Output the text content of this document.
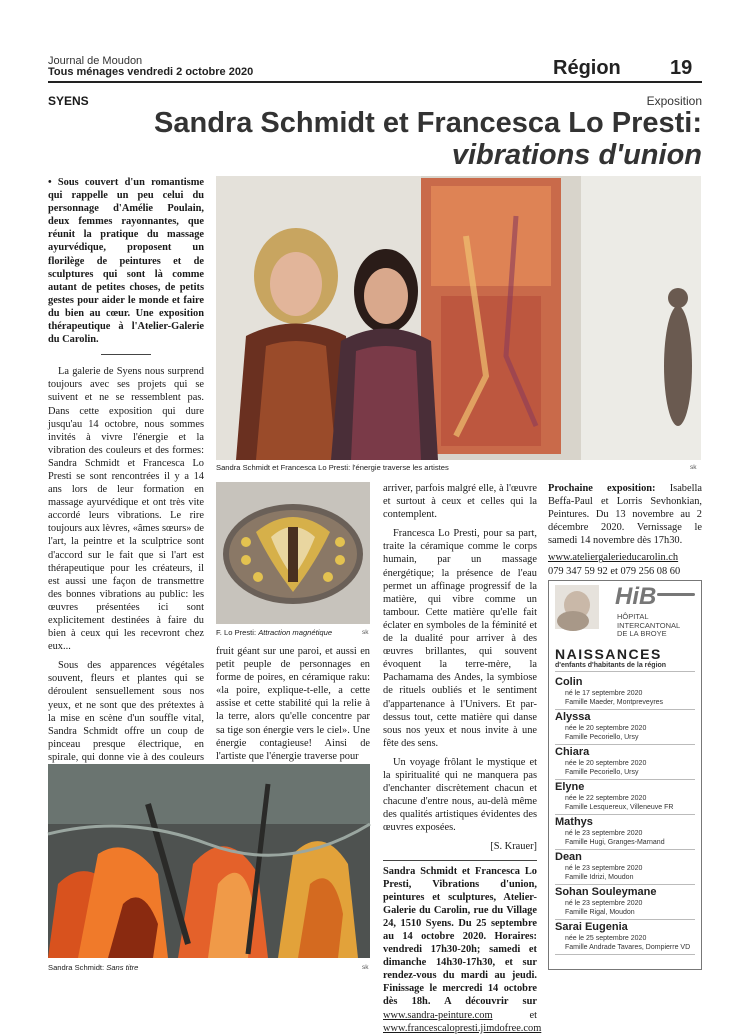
Journal de Moudon
Tous ménages vendredi 2 octobre 2020	Région 19
SYENS	Exposition
Sandra Schmidt et Francesca Lo Presti:
vibrations d'union
• Sous couvert d'un romantisme qui rappelle un peu celui du personnage d'Amélie Poulain, deux femmes rayonnantes, que réunit la pratique du massage ayurvédique, proposent un florilège de peintures et de sculptures qui sont là comme autant de petites choses, de petits gestes pour aider le monde et faire du bien au cœur. Une exposition thérapeutique à l'Atelier-Galerie du Carolin.

La galerie de Syens nous surprend toujours avec ses projets qui se suivent et ne se ressemblent pas. Dans cette exposition qui dure jusqu'au 14 octobre, nous sommes invités à vivre l'énergie et la vibration des couleurs et des formes: Sandra Schmidt et Francesca Lo Presti se sont rencontrées il y a 14 ans lors de leur formation en massage ayurvédique et ont très vite accordé leurs vibrations. Le rire toujours aux lèvres, «âmes sœurs» de l'art, la peintre et la sculptrice sont d'accord sur le fait que si l'art est thérapeutique pour les créateurs, il est aussi une façon de transmettre des bonnes vibrations au public: les œuvres présentées ici sont explicitement destinées à faire du bien à ceux qui les recevront chez eux...

Sous des apparences végétales souvent, fleurs et plantes qui se déroulent sensuellement sous nos yeux, et ne sont que des prétextes à la mise en scène d'un souffle vital, Sandra Schmidt offre un coup de pinceau presque électrique, en spirale, qui donne vie à des couleurs

Sandra Schmidt et Francesca Lo Presti: l'énergie traverse les artistes	sk
F. Lo Presti: Attraction magnétique	sk

fruit géant sur une paroi, et aussi en petit peuple de personnages en forme de poires, en céramique raku: «la poire, explique-t-elle, a cette assise et cette stabilité qui la relie à la terre, alors qu'elle concentre par sa tige son énergie vers le ciel». Une énergie contagieuse! Ainsi de l'artiste que l'énergie traverse pour

arriver, parfois malgré elle, à l'œuvre et surtout à ceux et celles qui la contemplent.

Francesca Lo Presti, pour sa part, traite la céramique comme le corps humain, par un massage énergétique; la présence de l'eau permet un affinage progressif de la matière, qui vibre comme un tambour. Cette matière qu'elle fait éclater en symboles de la féminité et de la dualité pour arriver à des œuvres brillantes, qui souvent évoquent la terre-mère, la Pachamama des Andes, la symbiose de rituels oubliés et le sentiment d'appartenance à l'Univers. Et par-dessus tout, cette matière qui danse sous nos yeux et nous invite à une fête des sens.

Un voyage frôlant le mystique et la spiritualité qui ne manquera pas d'enchanter discrètement chacun et chacune d'entre nous, au-delà même des qualités artistiques évidentes des œuvres exposées.

[S. Krauer]
Sandra Schmidt et Francesca Lo Presti, Vibrations d'union, peintures et sculptures, Atelier-Galerie du Carolin, rue du Village 24, 1510 Syens. Du 25 septembre au 14 octobre 2020. Horaires: vendredi 17h30-20h; samedi et dimanche 14h30-17h30, et sur rendez-vous du mardi au jeudi. Finissage le mercredi 14 octobre dès 18h. A découvrir sur www.sandra-peinture.com	et www.francescalopresti.jimdofree.com

Prochaine exposition: Isabella Beffa-Paul et Lorris Sevhonkian, Peintures. Du 13 novembre au 2 décembre 2020. Vernissage le samedi 14 novembre dès 17h30.

www.ateliergalerieducarolin.ch
079 347 59 92 et 079 256 08 60
HiB
HÔPITAL
INTERCANTONAL
DE LA BROYE
NAISSANCES
d'enfants d'habitants de la région
Colin
né le 17 septembre 2020
Famille Maeder, Montpreveyres
Alyssa
née le 20 septembre 2020
Famille Pecoriello, Ursy
Chiara
née le 20 septembre 2020
Famille Pecoriello, Ursy
Elyne
née le 22 septembre 2020
Famille Lesquereux, Villeneuve FR
Mathys
né le 23 septembre 2020
Famille Hugi, Granges-Marnand
Dean
né le 23 septembre 2020
Famille Idrizi, Moudon
Sohan Souleymane
né le 23 septembre 2020
Famille Rigal, Moudon
Sarai Eugenia
née le 25 septembre 2020
Famille Andrade Tavares, Dompierre VD
Sandra Schmidt: Sans titre	sk
